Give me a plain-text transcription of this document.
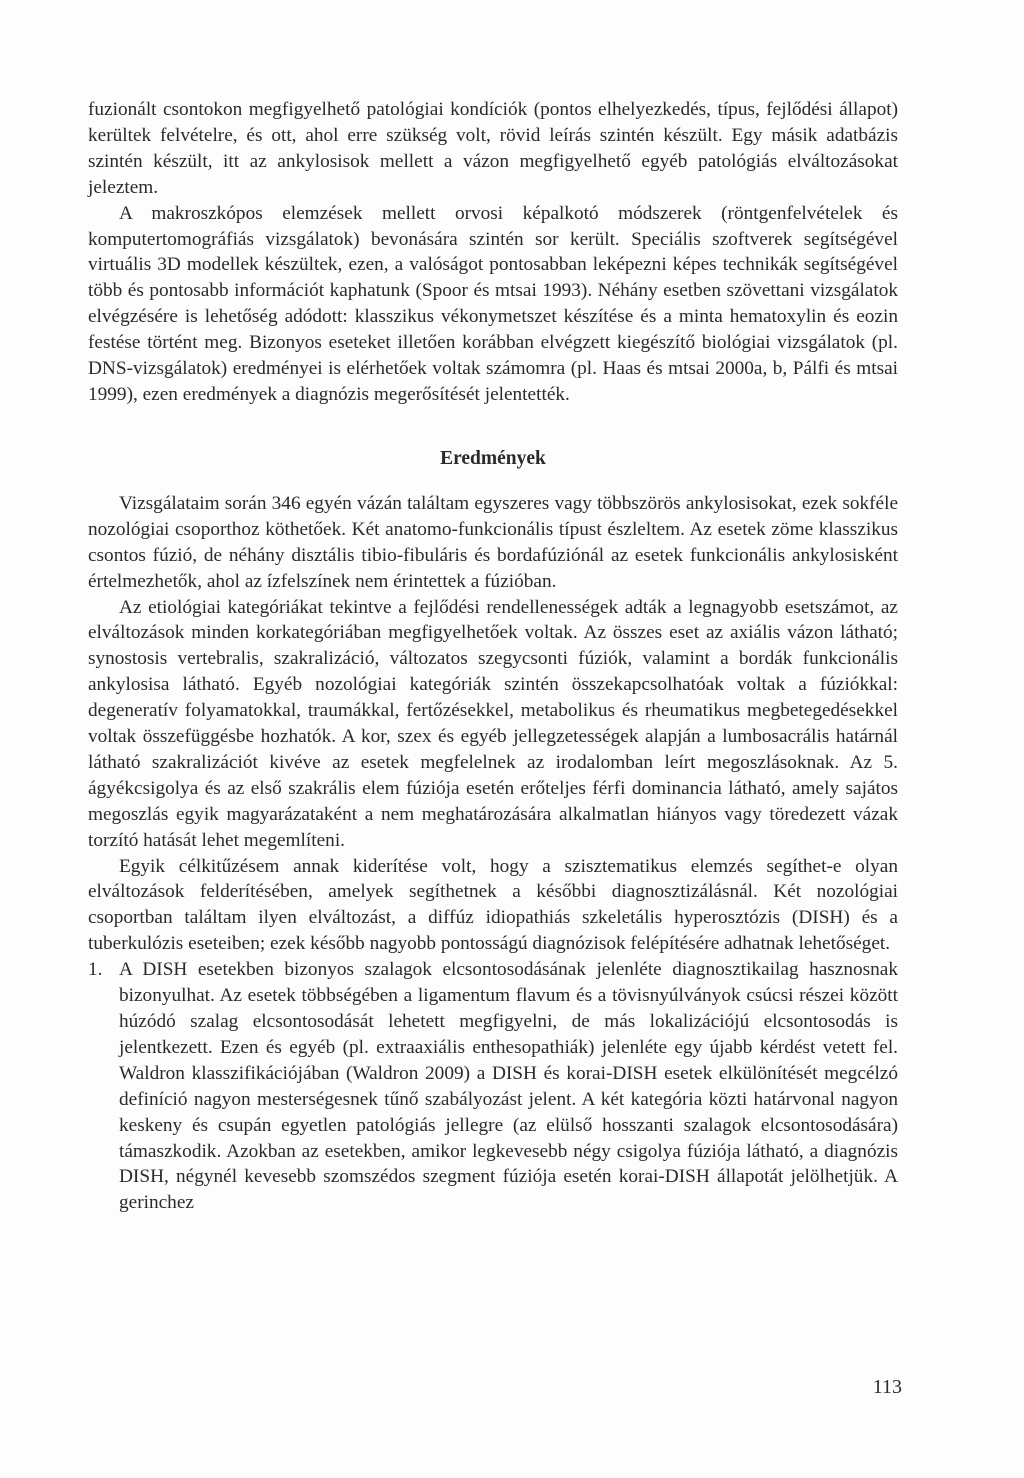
fuzionált csontokon megfigyelhető patológiai kondíciók (pontos elhelyezkedés, típus, fejlődési állapot) kerültek felvételre, és ott, ahol erre szükség volt, rövid leírás szintén készült. Egy másik adatbázis szintén készült, itt az ankylosisok mellett a vázon megfigyelhető egyéb patológiás elváltozásokat jeleztem.

A makroszkópos elemzések mellett orvosi képalkotó módszerek (röntgenfelvételek és komputertomográfiás vizsgálatok) bevonására szintén sor került. Speciális szoftverek segítségével virtuális 3D modellek készültek, ezen, a valóságot pontosabban leképezni képes technikák segítségével több és pontosabb információt kaphatunk (Spoor és mtsai 1993). Néhány esetben szövettani vizsgálatok elvégzésére is lehetőség adódott: klasszikus vékonymetszet készítése és a minta hematoxylin és eozin festése történt meg. Bizonyos eseteket illetően korábban elvégzett kiegészítő biológiai vizsgálatok (pl. DNS-vizsgálatok) eredményei is elérhetőek voltak számomra (pl. Haas és mtsai 2000a, b, Pálfi és mtsai 1999), ezen eredmények a diagnózis megerősítését jelentették.

Eredmények

Vizsgálataim során 346 egyén vázán találtam egyszeres vagy többszörös ankylosisokat, ezek sokféle nozológiai csoporthoz köthetőek. Két anatomo-funkcionális típust észleltem. Az esetek zöme klasszikus csontos fúzió, de néhány disztális tibio-fibuláris és bordafúziónál az esetek funkcionális ankylosisként értelmezhetők, ahol az ízfelszínek nem érintettek a fúzióban.

Az etiológiai kategóriákat tekintve a fejlődési rendellenességek adták a legnagyobb esetszámot, az elváltozások minden korkategóriában megfigyelhetőek voltak. Az összes eset az axiális vázon látható; synostosis vertebralis, szakralizáció, változatos szegycsonti fúziók, valamint a bordák funkcionális ankylosisa látható. Egyéb nozológiai kategóriák szintén összekapcsolhatóak voltak a fúziókkal: degeneratív folyamatokkal, traumákkal, fertőzésekkel, metabolikus és rheumatikus megbetegedésekkel voltak összefüggésbe hozhatók. A kor, szex és egyéb jellegzetességek alapján a lumbosacrális határnál látható szakralizációt kivéve az esetek megfelelnek az irodalomban leírt megoszlásoknak. Az 5. ágyékcsigolya és az első szakrális elem fúziója esetén erőteljes férfi dominancia látható, amely sajátos megoszlás egyik magyarázataként a nem meghatározására alkalmatlan hiányos vagy töredezett vázak torzító hatását lehet megemlíteni.

Egyik célkitűzésem annak kiderítése volt, hogy a szisztematikus elemzés segíthet-e olyan elváltozások felderítésében, amelyek segíthetnek a későbbi diagnosztizálásnál. Két nozológiai csoportban találtam ilyen elváltozást, a diffúz idiopathiás szkeletális hyperosztózis (DISH) és a tuberkulózis eseteiben; ezek később nagyobb pontosságú diagnózisok felépítésére adhatnak lehetőséget.

1. A DISH esetekben bizonyos szalagok elcsontosodásának jelenléte diagnosztikailag hasznosnak bizonyulhat. Az esetek többségében a ligamentum flavum és a tövisnyúlványok csúcsi részei között húzódó szalag elcsontosodását lehetett megfigyelni, de más lokalizációjú elcsontosodás is jelentkezett. Ezen és egyéb (pl. extraaxiális enthesopathiák) jelenléte egy újabb kérdést vetett fel. Waldron klasszifikációjában (Waldron 2009) a DISH és korai-DISH esetek elkülönítését megcélzó definíció nagyon mesterségesnek tűnő szabályozást jelent. A két kategória közti határvonal nagyon keskeny és csupán egyetlen patológiás jellegre (az elülső hosszanti szalagok elcsontosodására) támaszkodik. Azokban az esetekben, amikor legkevesebb négy csigolya fúziója látható, a diagnózis DISH, négynél kevesebb szomszédos szegment fúziója esetén korai-DISH állapotát jelölhetjük. A gerinchez

113
